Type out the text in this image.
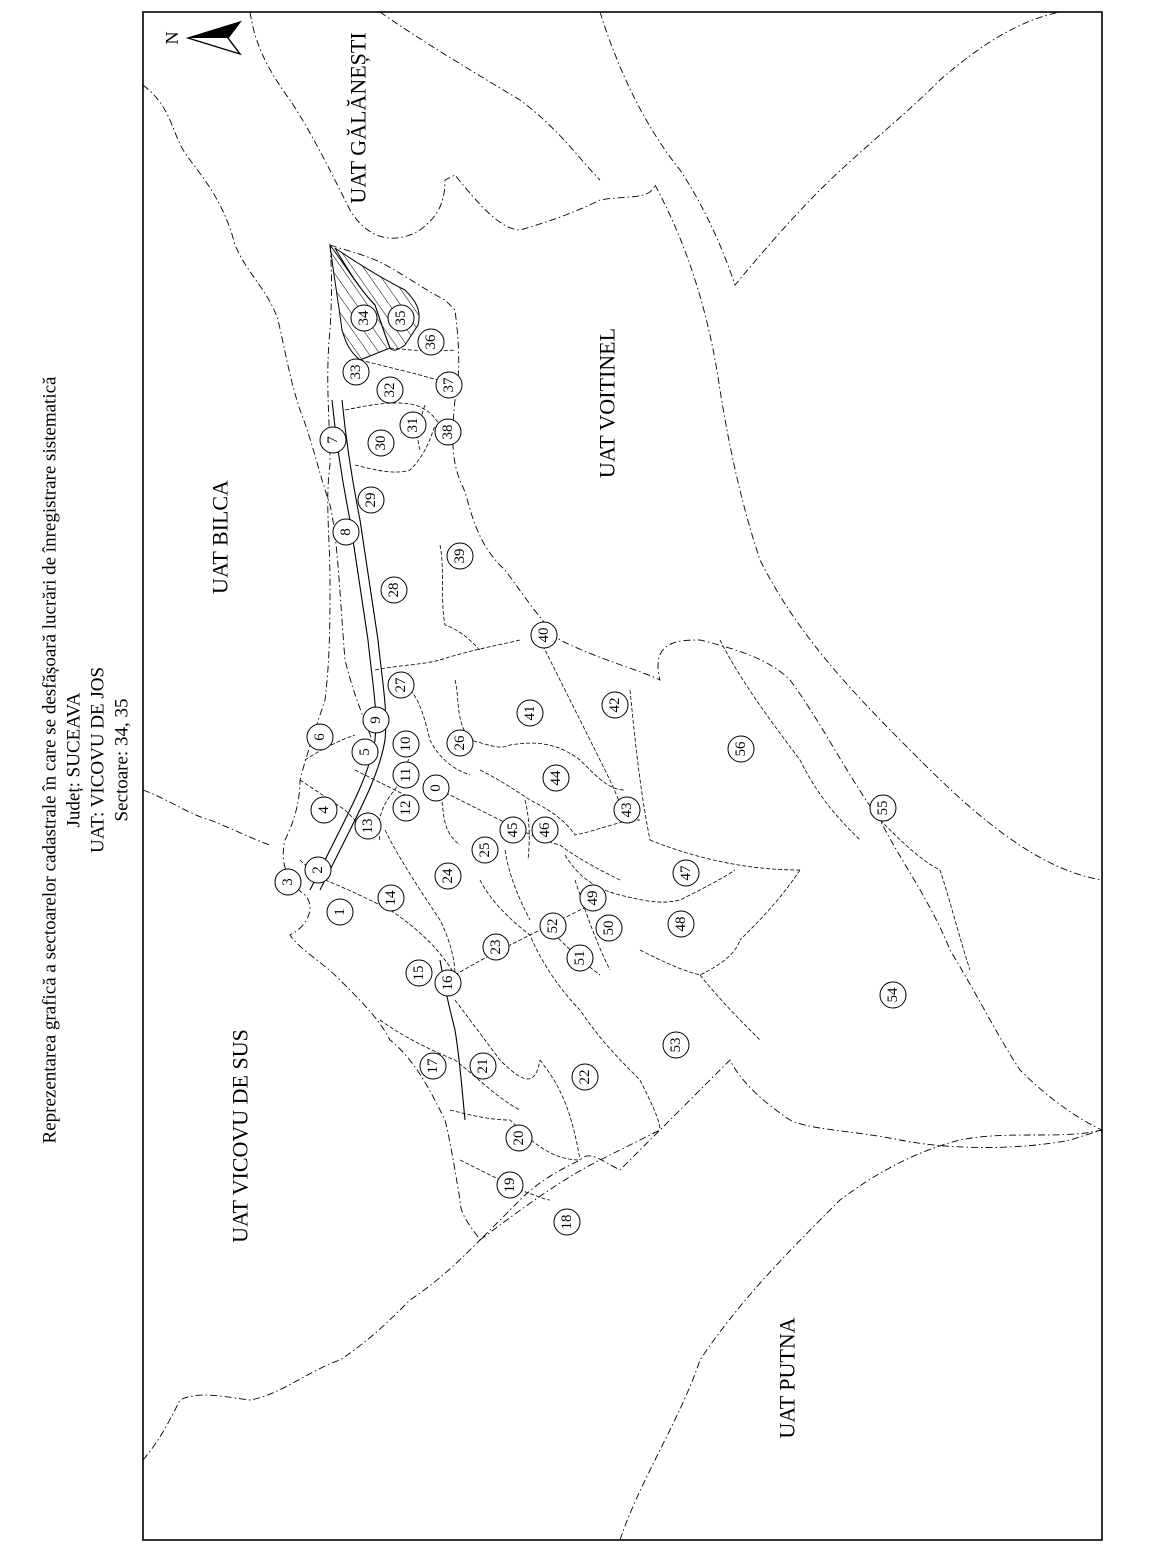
Reprezentarea grafică a sectoarelor cadastrale în care se desfășoară lucrări de înregistrare sistematică Județ: SUCEAVA UAT: VICOVU DE JOS Sectoare: 34, 35
N	UAT GĂLĂNEȘTI
UAT BILCA
UAT VOITINEL
UAT VICOVU DE SUS
UAT PUTNA
0
1
2
3
4
5
6
7
8
9
10
11
12
13
14
15
16
17
18
19
20
21
22
23
24
25
26
27
28
29
30
31
32
33
34 35
36
37
38
39
40
41
42
43
44
45 46
47
48
49
50
51
52
53
54
55
56
